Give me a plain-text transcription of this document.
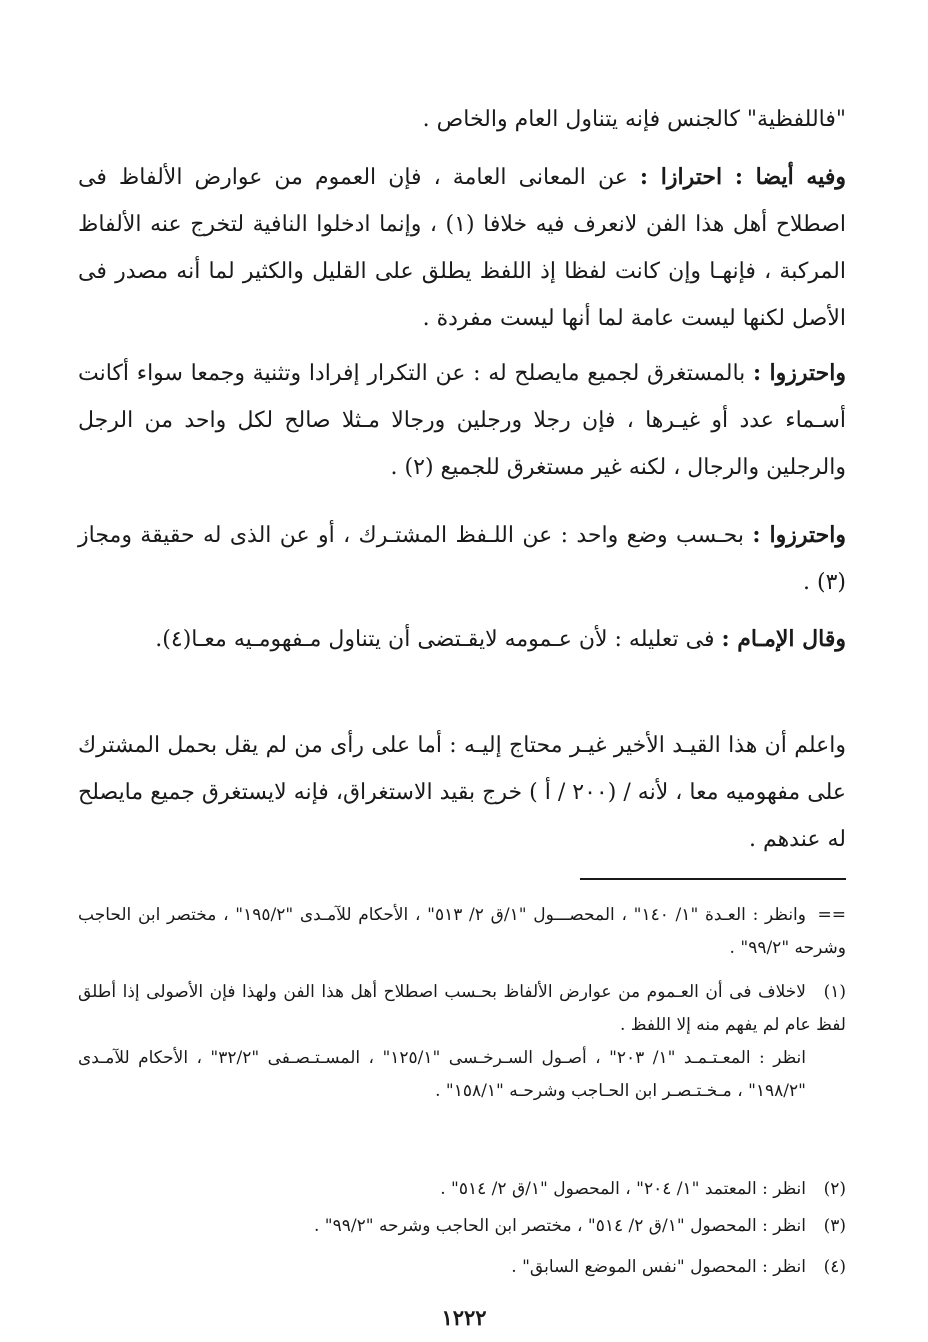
"فاللفظية" كالجنس فإنه يتناول العام والخاص .
وفيه أيضا : احترازا : عن المعانى العامة ، فإن العموم من عوارض الألفاظ فى اصطلاح أهل هذا الفن لانعرف فيه خلافا (١) ، وإنما ادخلوا النافية لتخرج عنه الألفاظ المركبة ، فإنهـا وإن كانت لفظا إذ اللفظ يطلق على القليل والكثير لما أنه مصدر فى الأصل لكنها ليست عامة لما أنها ليست مفردة .
واحترزوا : بالمستغرق لجميع مايصلح له : عن التكرار إفرادا وتثنية وجمعا سواء أكانت أسـماء عدد أو غيـرها ، فإن رجلا ورجلين ورجالا مـثلا صالح لكل واحد من الرجل والرجلين والرجال ، لكنه غير مستغرق للجميع (٢) .
واحترزوا : بحـسب وضع واحد : عن اللـفظ المشتـرك ، أو عن الذى له حقيقة ومجاز (٣) .
وقال الإمـام : فى تعليله : لأن عـمومه لايقـتضى أن يتناول مـفهومـيه معـا(٤).
واعلم أن هذا القيـد الأخير غيـر محتاج إليـه : أما على رأى من لم يقل بحمل المشترك على مفهوميه معا ، لأنه / (٢٠٠ / أ ) خرج بقيد الاستغراق، فإنه لايستغرق جميع مايصلح له عندهم .
==وانظر : العـدة "١/ ١٤٠" ، المحصـــول "١/ق ٢/ ٥١٣" ، الأحكام للآمـدى "١٩٥/٢" ، مختصر ابن الحاجب وشرحه "٩٩/٢" .
(١)لاخلاف فى أن العـموم من عوارض الألفاظ بحـسب اصطلاح أهل هذا الفن ولهذا فإن الأصولى إذا أطلق لفظ عام لم يفهم منه إلا اللفظ .
انظر : المعـتـمـد "١/ ٢٠٣" ، أصـول السـرخـسى "١٢٥/١" ، المسـتـصـفى "٣٢/٢" ، الأحكام للآمـدى "١٩٨/٢" ، مـخـتـصـر ابن الحـاجب وشرحـه "١٥٨/١" .
(٢)انظر : المعتمد "١/ ٢٠٤" ، المحصول "١/ق ٢/ ٥١٤" .
(٣)انظر : المحصول "١/ق ٢/ ٥١٤" ، مختصر ابن الحاجب وشرحه "٩٩/٢" .
(٤)انظر : المحصول "نفس الموضع السابق" .
١٢٢٢
